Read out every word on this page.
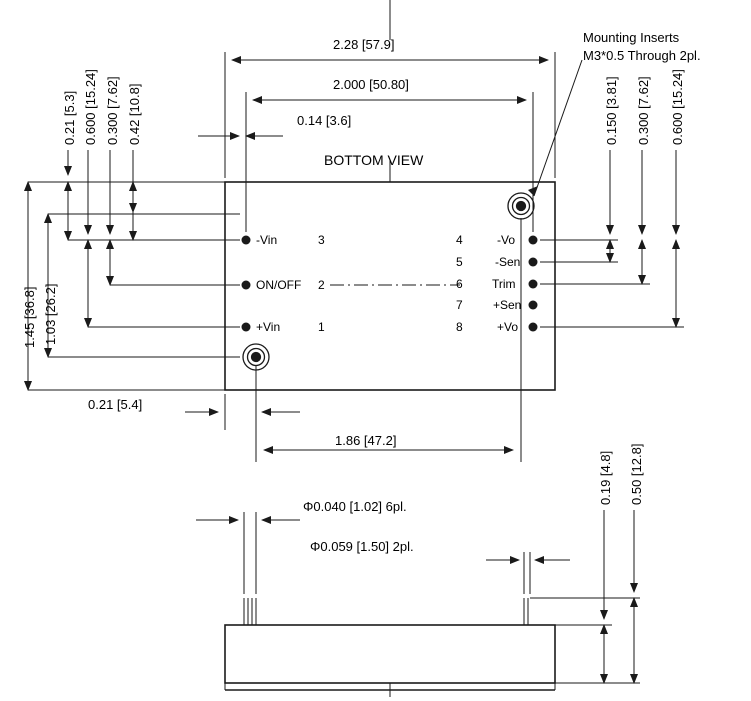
BOTTOM VIEW
Mounting Inserts
M3*0.5 Through 2pl.
2.28 [57.9]
2.000 [50.80]
0.14 [3.6]
0.21 [5.3] 0.600 [15.24] 0.300 [7.62] 0.42 [10.8]
1.45 [36.8] 1.03 [26.2]
0.150 [3.81] 0.300 [7.62] 0.600 [15.24]
0.21 [5.4]
1.86 [47.2]
Φ0.040 [1.02] 6pl.
Φ0.059 [1.50] 2pl.
0.19 [4.8] 0.50 [12.8]
-Vin	3
ON/OFF 2
+Vin	1
4	-Vo
5	-Sen
6 Trim
7	+Sen
8	+Vo
